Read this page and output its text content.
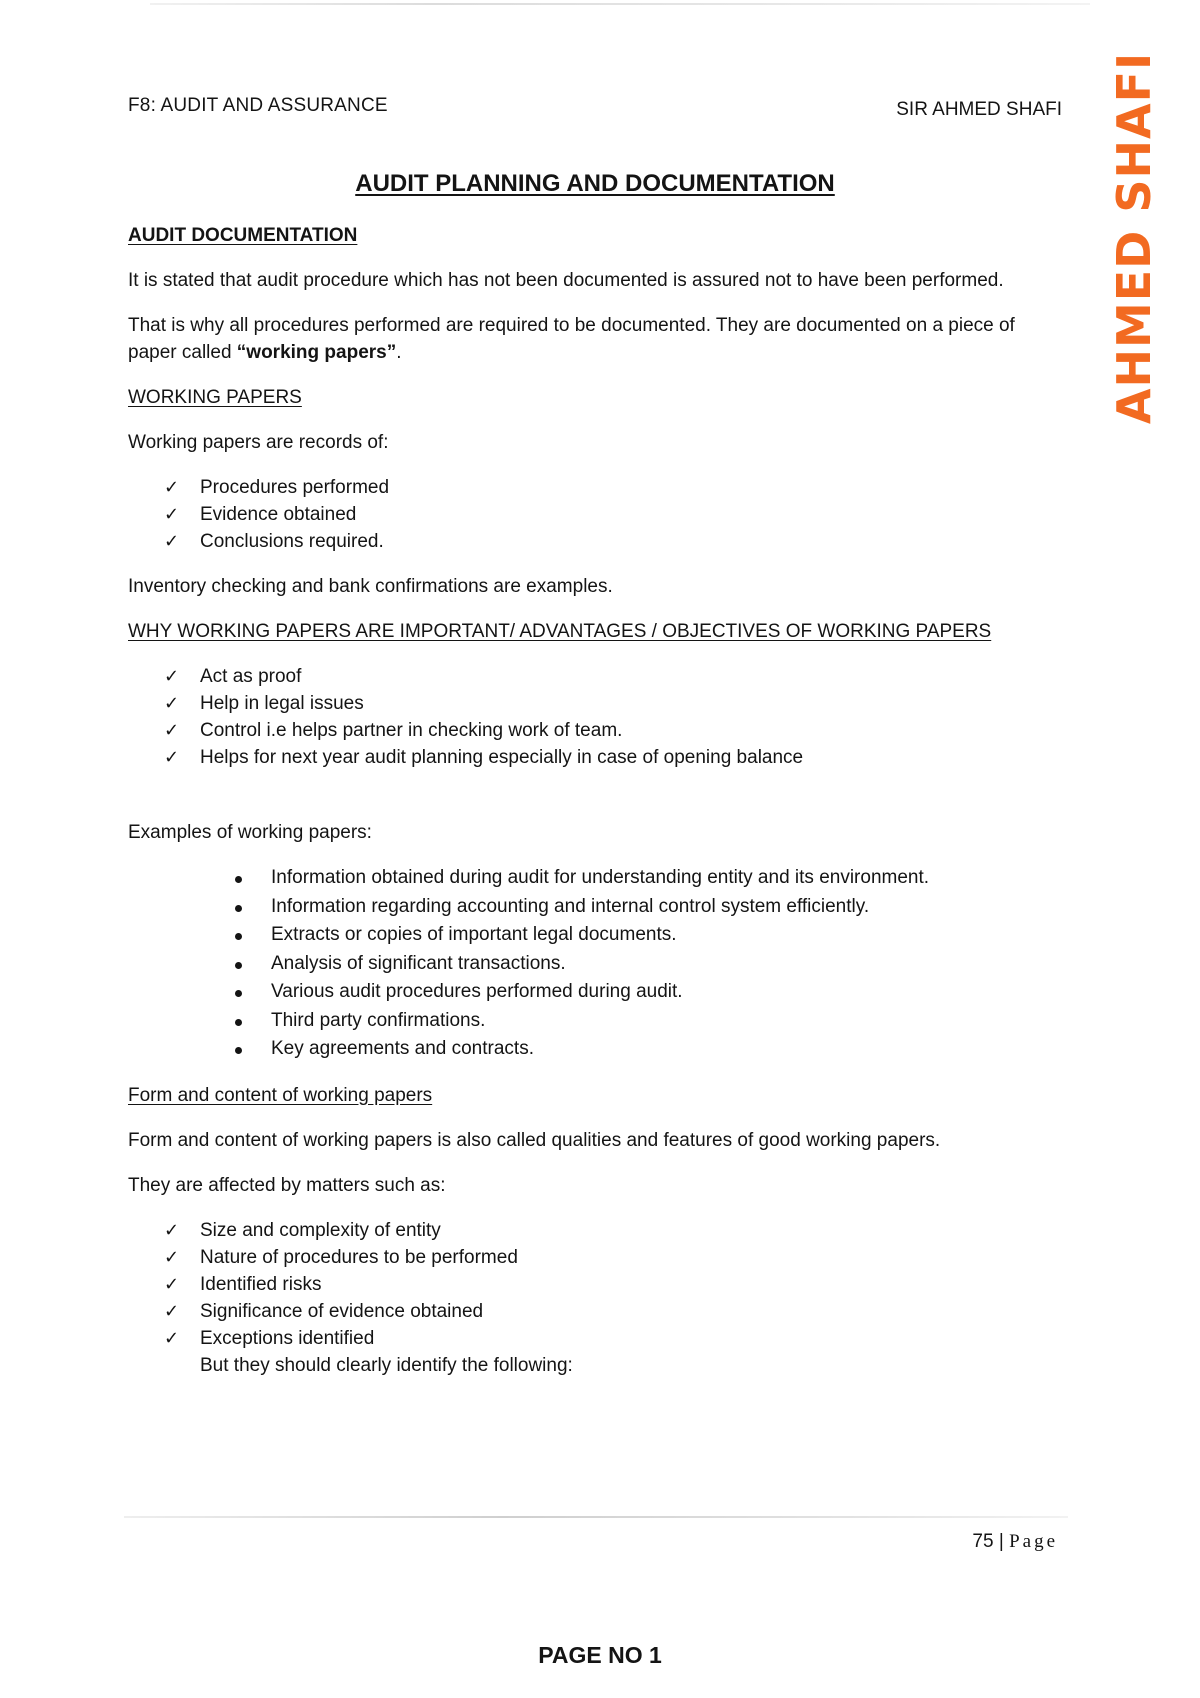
AHMED SHAFI
F8: AUDIT AND ASSURANCE	SIR AHMED SHAFI
AUDIT PLANNING AND DOCUMENTATION
AUDIT DOCUMENTATION

It is stated that audit procedure which has not been documented is assured not to have been performed.

That is why all procedures performed are required to be documented. They are documented on a piece of paper called “working papers”.

WORKING PAPERS

Working papers are records of:

✓ Procedures performed
✓ Evidence obtained
✓ Conclusions required.

Inventory checking and bank confirmations are examples.

WHY WORKING PAPERS ARE IMPORTANT/ ADVANTAGES / OBJECTIVES OF WORKING PAPERS
✓ Act as proof
✓ Help in legal issues
✓ Control i.e helps partner in checking work of team.
✓ Helps for next year audit planning especially in case of opening balance

Examples of working papers:

Information obtained during audit for understanding entity and its environment.
Information regarding accounting and internal control system efficiently.
Extracts or copies of important legal documents.
Analysis of significant transactions.
Various audit procedures performed during audit.
Third party confirmations.
Key agreements and contracts.
Form and content of working papers

Form and content of working papers is also called qualities and features of good working papers.

They are affected by matters such as:

✓ Size and complexity of entity
✓ Nature of procedures to be performed
✓ Identified risks
✓ Significance of evidence obtained
✓ Exceptions identified
But they should clearly identify the following:
75 | Page
PAGE NO 1
